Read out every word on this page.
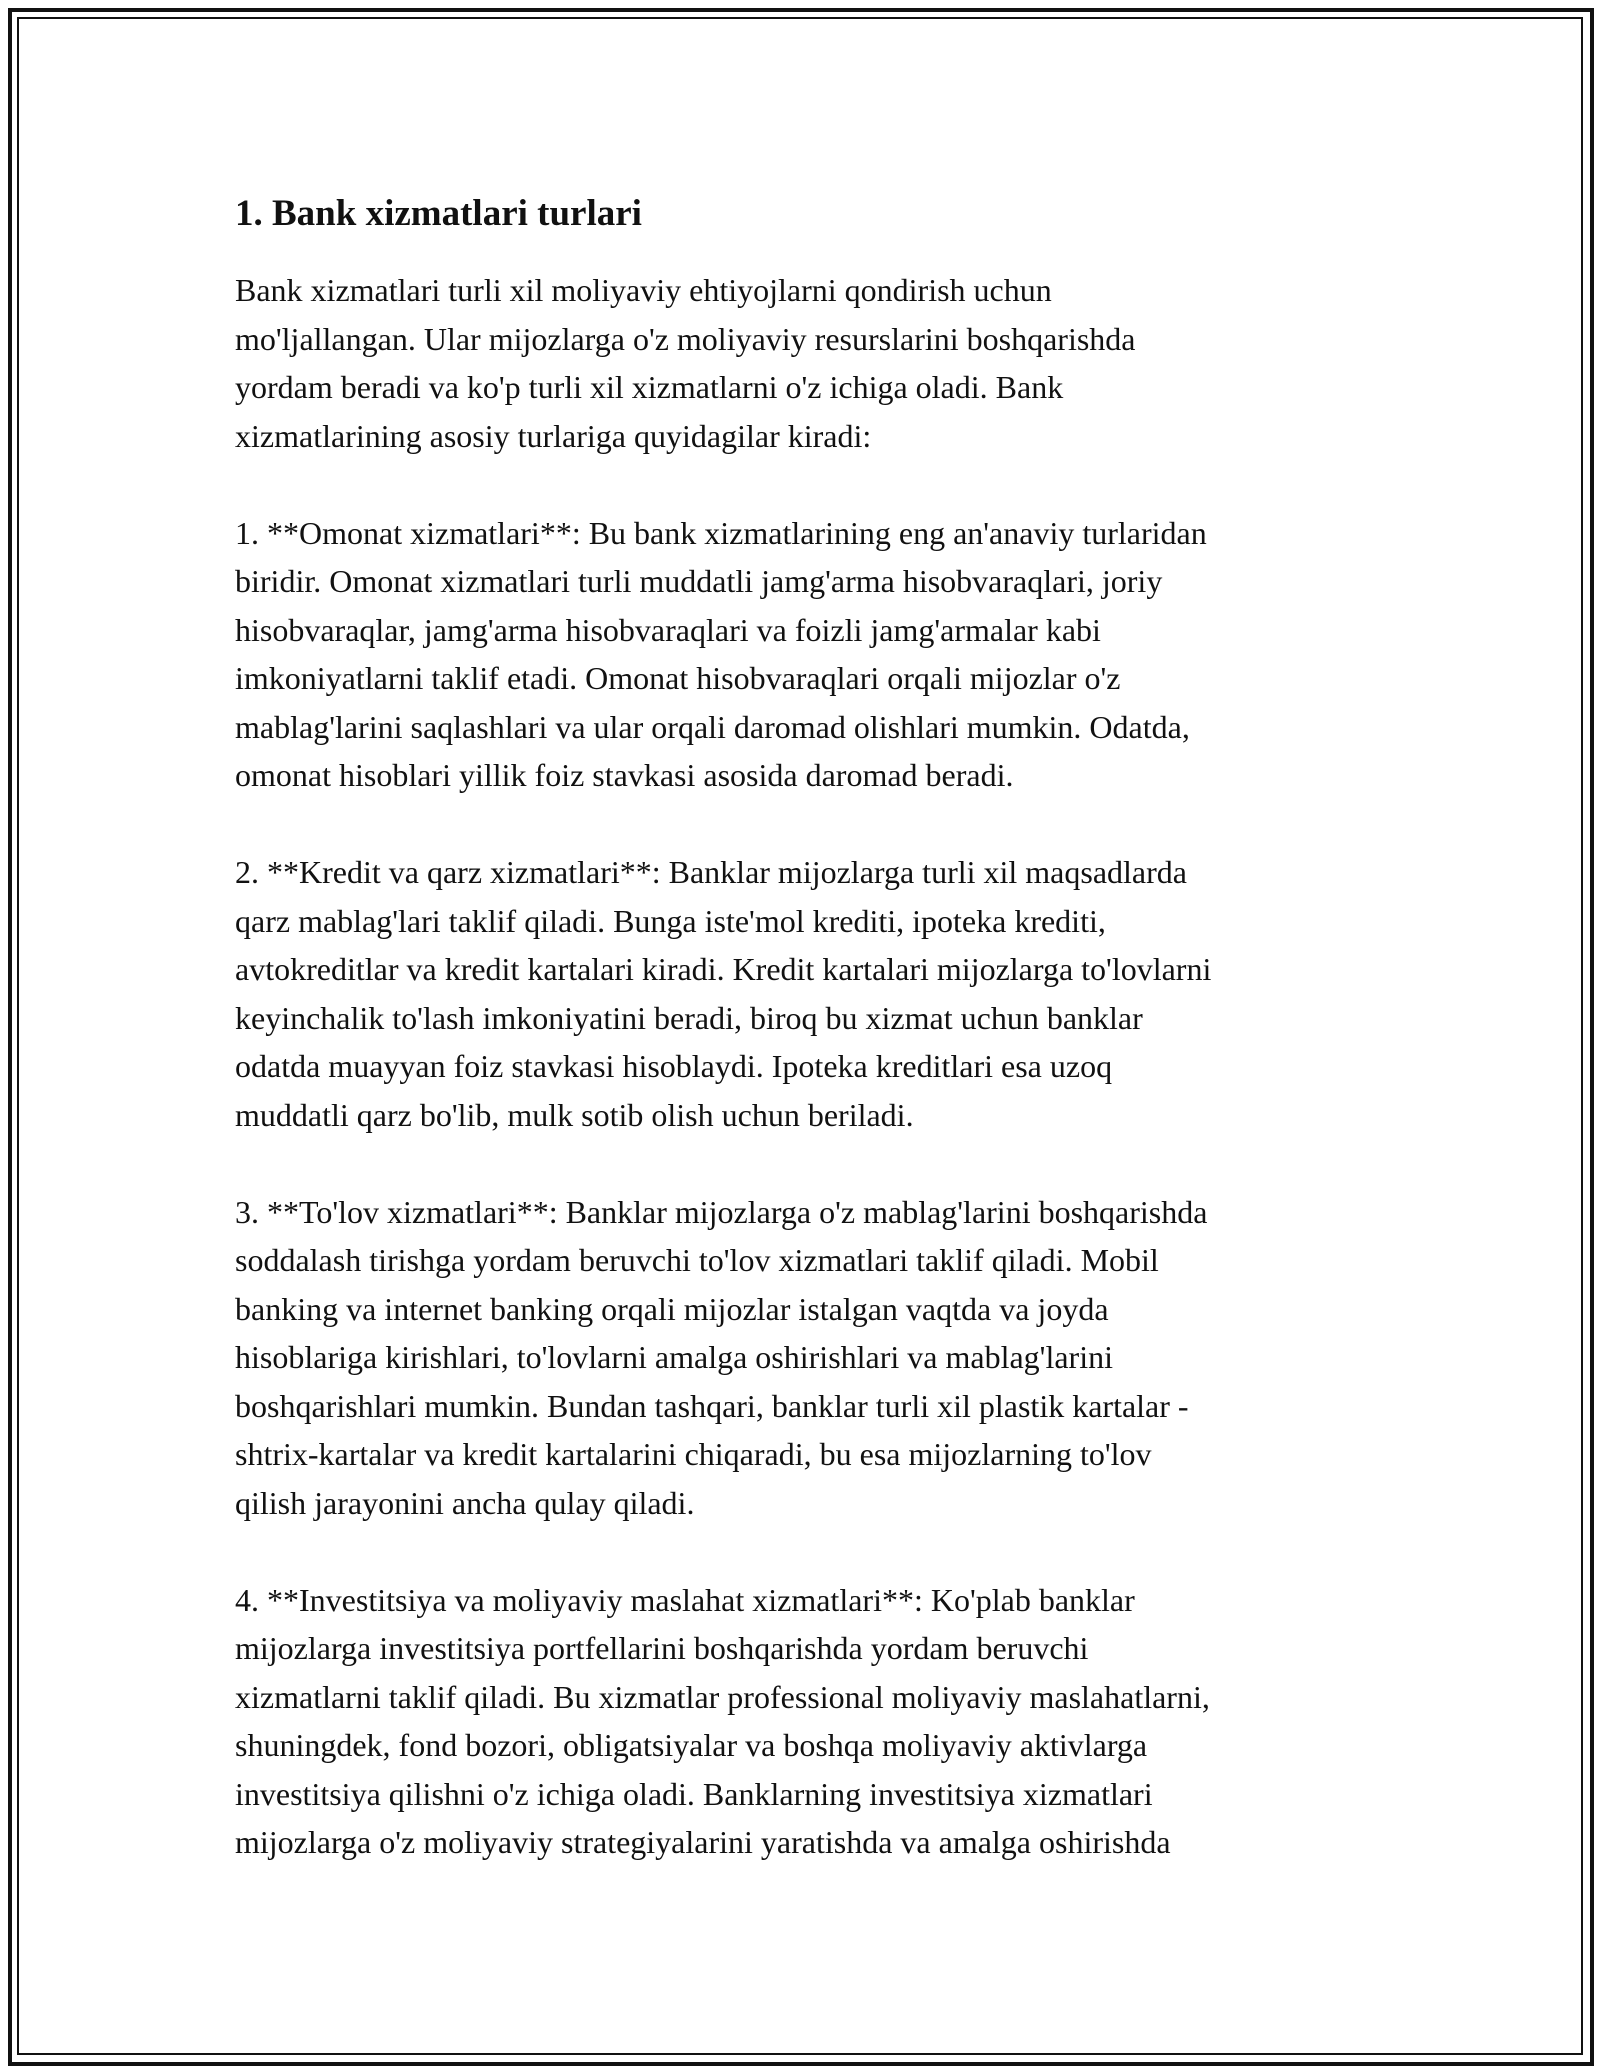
1. Bank xizmatlari turlari

Bank xizmatlari turli xil moliyaviy ehtiyojlarni qondirish uchun
mo'ljallangan. Ular mijozlarga o'z moliyaviy resurslarini boshqarishda
yordam beradi va ko'p turli xil xizmatlarni o'z ichiga oladi. Bank
xizmatlarining asosiy turlariga quyidagilar kiradi:

1. **Omonat xizmatlari**: Bu bank xizmatlarining eng an'anaviy turlaridan
biridir. Omonat xizmatlari turli muddatli jamg'arma hisobvaraqlari, joriy
hisobvaraqlar, jamg'arma hisobvaraqlari va foizli jamg'armalar kabi
imkoniyatlarni taklif etadi. Omonat hisobvaraqlari orqali mijozlar o'z
mablag'larini saqlashlari va ular orqali daromad olishlari mumkin. Odatda,
omonat hisoblari yillik foiz stavkasi asosida daromad beradi.

2. **Kredit va qarz xizmatlari**: Banklar mijozlarga turli xil maqsadlarda
qarz mablag'lari taklif qiladi. Bunga iste'mol krediti, ipoteka krediti,
avtokreditlar va kredit kartalari kiradi. Kredit kartalari mijozlarga to'lovlarni
keyinchalik to'lash imkoniyatini beradi, biroq bu xizmat uchun banklar
odatda muayyan foiz stavkasi hisoblaydi. Ipoteka kreditlari esa uzoq
muddatli qarz bo'lib, mulk sotib olish uchun beriladi.

3. **To'lov xizmatlari**: Banklar mijozlarga o'z mablag'larini boshqarishda
soddalash tirishga yordam beruvchi to'lov xizmatlari taklif qiladi. Mobil
banking va internet banking orqali mijozlar istalgan vaqtda va joyda
hisoblariga kirishlari, to'lovlarni amalga oshirishlari va mablag'larini
boshqarishlari mumkin. Bundan tashqari, banklar turli xil plastik kartalar -
shtrix-kartalar va kredit kartalarini chiqaradi, bu esa mijozlarning to'lov
qilish jarayonini ancha qulay qiladi.

4. **Investitsiya va moliyaviy maslahat xizmatlari**: Ko'plab banklar
mijozlarga investitsiya portfellarini boshqarishda yordam beruvchi
xizmatlarni taklif qiladi. Bu xizmatlar professional moliyaviy maslahatlarni,
shuningdek, fond bozori, obligatsiyalar va boshqa moliyaviy aktivlarga
investitsiya qilishni o'z ichiga oladi. Banklarning investitsiya xizmatlari
mijozlarga o'z moliyaviy strategiyalarini yaratishda va amalga oshirishda
